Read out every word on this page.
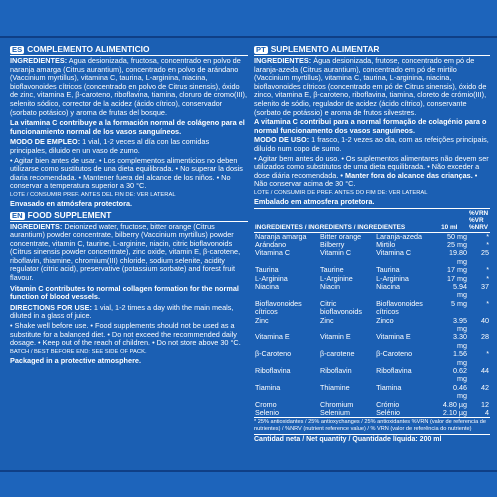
ES COMPLEMENTO ALIMENTICIO

INGREDIENTES: Agua desionizada, fructosa, concentrado en polvo de naranja amarga (Citrus aurantium), concentrado en polvo de arándano (Vaccinium myrtillus), vitamina C, taurina, L-arginina, niacina, bioflavonoides cítricos (concentrado en polvo de Citrus sinensis), óxido de zinc, vitamina E, β-caroteno, riboflavina, tiamina, cloruro de cromo(III), selenito sódico, corrector de la acidez (ácido cítrico), conservador (sorbato potásico) y aroma de frutas del bosque.

La vitamina C contribuye a la formación normal de colágeno para el funcionamiento normal de los vasos sanguíneos.

MODO DE EMPLEO: 1 vial, 1-2 veces al día con las comidas principales, diluido en un vaso de zumo.

• Agitar bien antes de usar. • Los complementos alimenticios no deben utilizarse como sustitutos de una dieta equilibrada. • No superar la dosis diaria recomendada. • Mantener fuera del alcance de los niños. • No conservar a temperatura superior a 30 °C.

LOTE / CONSUMIR PREF. ANTES DEL FIN DE: VER LATERAL

Envasado en atmósfera protectora.

EN FOOD SUPPLEMENT

INGREDIENTS: Deionized water, fructose, bitter orange (Citrus aurantium) powder concentrate, bilberry (Vaccinium myrtillus) powder concentrate, vitamin C, taurine, L-arginine, niacin, citric bioflavonoids (Citrus sinensis powder concentrate), zinc oxide, vitamin E, β-carotene, riboflavin, thiamine, chromium(III) chloride, sodium selenite, acidity regulator (citric acid), preservative (potassium sorbate) and forest fruit flavour.

Vitamin C contributes to normal collagen formation for the normal function of blood vessels.

DIRECTIONS FOR USE: 1 vial, 1-2 times a day with the main meals, diluted in a glass of juice.

• Shake well before use. • Food supplements should not be used as a substitute for a balanced diet. • Do not exceed the recommended daily dosage. • Keep out of the reach of children. • Do not store above 30 °C.

BATCH / BEST BEFORE END: SEE SIDE OF PACK.

Packaged in a protective atmosphere.

PT SUPLEMENTO ALIMENTAR

INGREDIENTES: Água desionizada, frutose, concentrado em pó de laranja-azeda (Citrus aurantium), concentrado em pó de mirtilo (Vaccinium myrtillus), vitamina C, taurina, L-arginina, niacina, bioflavonoides cítricos (concentrado em pó de Citrus sinensis), óxido de zinco, vitamina E, β-caroteno, riboflavina, tiamina, cloreto de crómio(III), selenito de sódio, regulador de acidez (ácido cítrico), conservante (sorbato de potássio) e aroma de frutos silvestres.

A vitamina C contribui para a normal formação de colagénio para o normal funcionamento dos vasos sanguíneos.

MODO DE USO: 1 frasco, 1-2 vezes ao dia, com as refeições principais, diluído num copo de sumo.

• Agitar bem antes do uso. • Os suplementos alimentares não devem ser utilizados como substitutos de uma dieta equilibrada. • Não exceder a dose diária recomendada. • Manter fora do alcance das crianças. • Não conservar acima de 30 °C.

LOTE / CONSUMIR DE PREF. ANTES DO FIM DE: VER LATERAL

Embalado em atmosfera protetora.

INGREDIENTES / INGREDIENTS / INGREDIENTES			10 ml	%VRN %VR %NRV
Naranja amarga	Bitter orange	Laranja-azeda	50 mg	*
Arándano	Bilberry	Mirtilo	25 mg	*
Vitamina C	Vitamin C	Vitamina C	19.80 mg	25
Taurina	Taurine	Taurina	17 mg	*
L-Arginina	L-Arginine	L-Arginina	17 mg	*
Niacina	Niacin	Niacina	5.94 mg	37
Bioflavonoides cítricos	Citric bioflavonoids	Bioflavonoides cítricos	5 mg	*
Zinc	Zinc	Zinco	3.95 mg	40
Vitamina E	Vitamin E	Vitamina E	3.30 mg	28
β-Caroteno	β-carotene	β-Caroteno	1.56 mg	*
Riboflavina	Riboflavin	Riboflavina	0.62 mg	44
Tiamina	Thiamine	Tiamina	0.46 mg	42
Cromo	Chromium	Crómio	4.80 µg	12
Selenio	Selenium	Selénio	2.10 µg	4
* 25% antioxidantes / 25% antioxychanges / 25% antioxidantes %VRN (valor de referencia de nutrientes) / %NRV (nutrient reference value) / % VRN (valor de referência do nutriente)
Cantidad neta / Net quantity / Quantidade líquida: 200 ml
